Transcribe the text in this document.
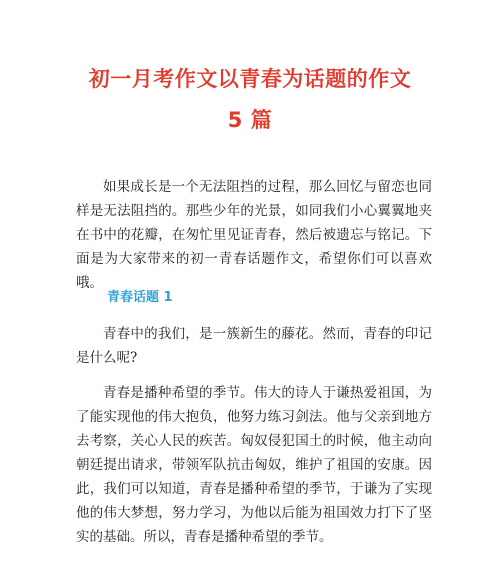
初一月考作文以青春为话题的作文
5 篇

如果成长是一个无法阻挡的过程，那么回忆与留恋也同样是无法阻挡的。那些少年的光景，如同我们小心翼翼地夹在书中的花瓣，在匆忙里见证青春，然后被遗忘与铭记。下面是为大家带来的初一青春话题作文，希望你们可以喜欢哦。

青春话题 1

青春中的我们，是一簇新生的藤花。然而，青春的印记是什么呢?

青春是播种希望的季节。伟大的诗人于谦热爱祖国，为了能实现他的伟大抱负，他努力练习剑法。他与父亲到地方去考察，关心人民的疾苦。匈奴侵犯国土的时候，他主动向朝廷提出请求，带领军队抗击匈奴，维护了祖国的安康。因此，我们可以知道，青春是播种希望的季节，于谦为了实现他的伟大梦想，努力学习，为他以后能为祖国效力打下了坚实的基础。所以，青春是播种希望的季节。
